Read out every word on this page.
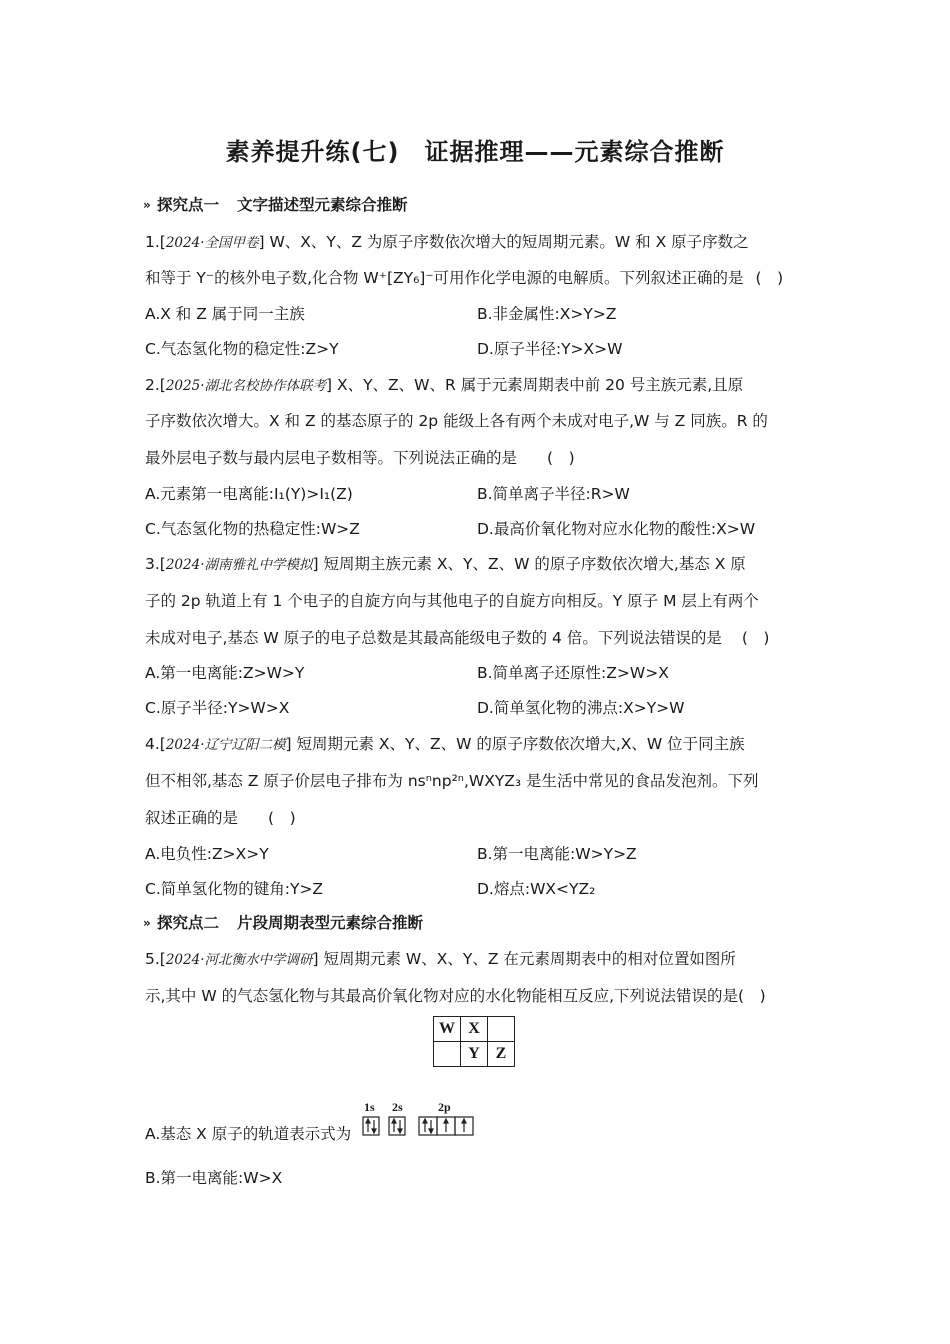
素养提升练(七)　证据推理——元素综合推断
» 探究点一 文字描述型元素综合推断
1.[2024·全国甲卷] W、X、Y、Z 为原子序数依次增大的短周期元素。W 和 X 原子序数之
和等于 Y⁻的核外电子数,化合物 W⁺[ZY₆]⁻可用作化学电源的电解质。下列叙述正确的是 (　)
A.X 和 Z 属于同一主族	B.非金属性:X>Y>Z
C.气态氢化物的稳定性:Z>Y	D.原子半径:Y>X>W
2.[2025·湖北名校协作体联考] X、Y、Z、W、R 属于元素周期表中前 20 号主族元素,且原
子序数依次增大。X 和 Z 的基态原子的 2p 能级上各有两个未成对电子,W 与 Z 同族。R 的
最外层电子数与最内层电子数相等。下列说法正确的是 (　)
A.元素第一电离能:I₁(Y)>I₁(Z)	B.简单离子半径:R>W
C.气态氢化物的热稳定性:W>Z	D.最高价氧化物对应水化物的酸性:X>W
3.[2024·湖南雅礼中学模拟] 短周期主族元素 X、Y、Z、W 的原子序数依次增大,基态 X 原
子的 2p 轨道上有 1 个电子的自旋方向与其他电子的自旋方向相反。Y 原子 M 层上有两个
未成对电子,基态 W 原子的电子总数是其最高能级电子数的 4 倍。下列说法错误的是 (　)
A.第一电离能:Z>W>Y	B.简单离子还原性:Z>W>X
C.原子半径:Y>W>X	D.简单氢化物的沸点:X>Y>W
4.[2024·辽宁辽阳二模] 短周期元素 X、Y、Z、W 的原子序数依次增大,X、W 位于同主族
但不相邻,基态 Z 原子价层电子排布为 nsⁿnp²ⁿ,WXYZ₃ 是生活中常见的食品发泡剂。下列
叙述正确的是 (　)
A.电负性:Z>X>Y	B.第一电离能:W>Y>Z
C.简单氢化物的键角:Y>Z	D.熔点:WX<YZ₂
» 探究点二 片段周期表型元素综合推断
5.[2024·河北衡水中学调研] 短周期元素 W、X、Y、Z 在元素周期表中的相对位置如图所
示,其中 W 的气态氢化物与其最高价氧化物对应的水化物能相互反应,下列说法错误的是(　)
W	X	
	Y	Z
A.基态 X 原子的轨道表示式为
1s 2s	2p
B.第一电离能:W>X
